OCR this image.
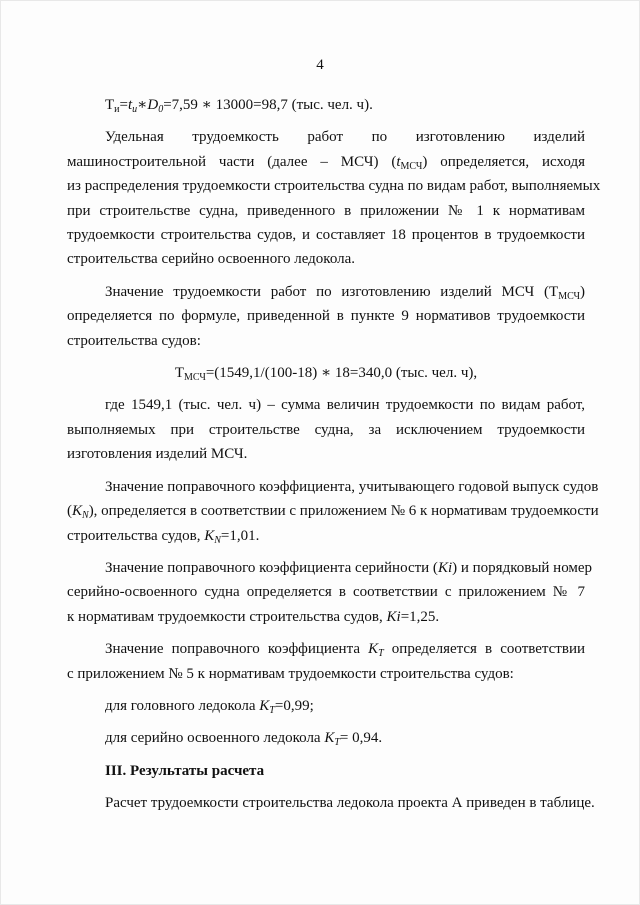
4
$Т_и=t_и∗D_0=7,59$ ∗ 13000=98,7 (тыс. чел. ч).
Удельная трудоемкость работ по изготовлению изделий
машиностроительной части (далее – МСЧ) $(t_{МСЧ})$ определяется, исходя
из распределения трудоемкости строительства судна по видам работ, выполняемых
при строительстве судна, приведенного в приложении № 1 к нормативам
трудоемкости строительства судов, и составляет 18 процентов в трудоемкости
строительства серийно освоенного ледокола.
Значение трудоемкости работ по изготовлению изделий МСЧ $(Т_{МСЧ})$
определяется по формуле, приведенной в пункте 9 нормативов трудоемкости
строительства судов:
$Т_{МСЧ}=(1549,1/(100-18)$ ∗ 18=340,0 (тыс. чел. ч),
где 1549,1 (тыс. чел. ч) – сумма величин трудоемкости по видам работ,
выполняемых при строительстве судна, за исключением трудоемкости
изготовления изделий МСЧ.
Значение поправочного коэффициента, учитывающего годовой выпуск судов
$(K_N)$, определяется в соответствии с приложением № 6 к нормативам трудоемкости
строительства судов, $K_N=1,01$.
Значение поправочного коэффициента серийности (Ki) и порядковый номер
серийно-освоенного судна определяется в соответствии с приложением № 7
к нормативам трудоемкости строительства судов, Ki=1,25.
Значение поправочного коэффициента $K_T$ определяется в соответствии
с приложением № 5 к нормативам трудоемкости строительства судов:
для головного ледокола $K_T=0,99$;
для серийно освоенного ледокола $K_T= 0,94$.
III. Результаты расчета
Расчет трудоемкости строительства ледокола проекта А приведен в таблице.
